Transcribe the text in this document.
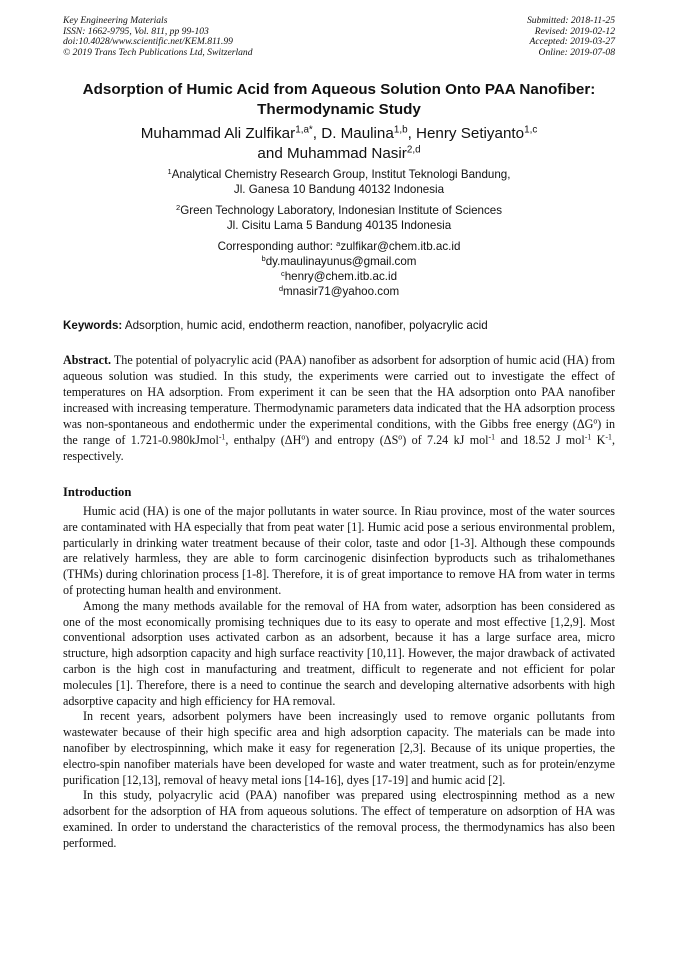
Key Engineering Materials
ISSN: 1662-9795, Vol. 811, pp 99-103
doi:10.4028/www.scientific.net/KEM.811.99
© 2019 Trans Tech Publications Ltd, Switzerland
Submitted: 2018-11-25
Revised: 2019-02-12
Accepted: 2019-03-27
Online: 2019-07-08
Adsorption of Humic Acid from Aqueous Solution Onto PAA Nanofiber:
Thermodynamic Study
Muhammad Ali Zulfikar$^{1,a*}$, D. Maulina$^{1,b}$, Henry Setiyanto$^{1,c}$
and Muhammad Nasir$^{2,d}$
$^1$Analytical Chemistry Research Group, Institut Teknologi Bandung,
Jl. Ganesa 10 Bandung 40132 Indonesia
$^2$Green Technology Laboratory, Indonesian Institute of Sciences
Jl. Cisitu Lama 5 Bandung 40135 Indonesia
Corresponding author: $^a$zulfikar@chem.itb.ac.id
$^b$dy.maulinayunus@gmail.com
$^c$henry@chem.itb.ac.id
$^d$mnasir71@yahoo.com
Keywords: Adsorption, humic acid, endotherm reaction, nanofiber, polyacrylic acid
Abstract. The potential of polyacrylic acid (PAA) nanofiber as adsorbent for adsorption of humic acid (HA) from aqueous solution was studied. In this study, the experiments were carried out to investigate the effect of temperatures on HA adsorption. From experiment it can be seen that the HA adsorption onto PAA nanofiber increased with increasing temperature. Thermodynamic parameters data indicated that the HA adsorption process was non-spontaneous and endothermic under the experimental conditions, with the Gibbs free energy $(\Delta G^o)$ in the range of 1.721-0.980kJmol$^{-1}$, enthalpy $(\Delta H^o)$ and entropy $(\Delta S^o)$ of 7.24 kJ mol$^{-1}$ and 18.52 J mol$^{-1}$ $K^{-1}$, respectively.
Introduction

Humic acid (HA) is one of the major pollutants in water source. In Riau province, most of the water sources are contaminated with HA especially that from peat water [1]. Humic acid pose a serious environmental problem, particularly in drinking water treatment because of their color, taste and odor [1-3]. Although these compounds are relatively harmless, they are able to form carcinogenic disinfection byproducts such as trihalomethanes (THMs) during chlorination process [1-8]. Therefore, it is of great importance to remove HA from water in terms of protecting human health and environment.

Among the many methods available for the removal of HA from water, adsorption has been considered as one of the most economically promising techniques due to its easy to operate and most effective [1,2,9]. Most conventional adsorption uses activated carbon as an adsorbent, because it has a large surface area, micro structure, high adsorption capacity and high surface reactivity [10,11]. However, the major drawback of activated carbon is the high cost in manufacturing and treatment, difficult to regenerate and not efficient for polar molecules [1]. Therefore, there is a need to continue the search and developing alternative adsorbents with high adsorptive capacity and high efficiency for HA removal.

In recent years, adsorbent polymers have been increasingly used to remove organic pollutants from wastewater because of their high specific area and high adsorption capacity. The materials can be made into nanofiber by electrospinning, which make it easy for regeneration [2,3]. Because of its unique properties, the electro-spin nanofiber materials have been developed for waste and water treatment, such as for protein/enzyme purification [12,13], removal of heavy metal ions [14-16], dyes [17-19] and humic acid [2].

In this study, polyacrylic acid (PAA) nanofiber was prepared using electrospinning method as a new adsorbent for the adsorption of HA from aqueous solutions. The effect of temperature on adsorption of HA was examined. In order to understand the characteristics of the removal process, the thermodynamics has also been performed.
